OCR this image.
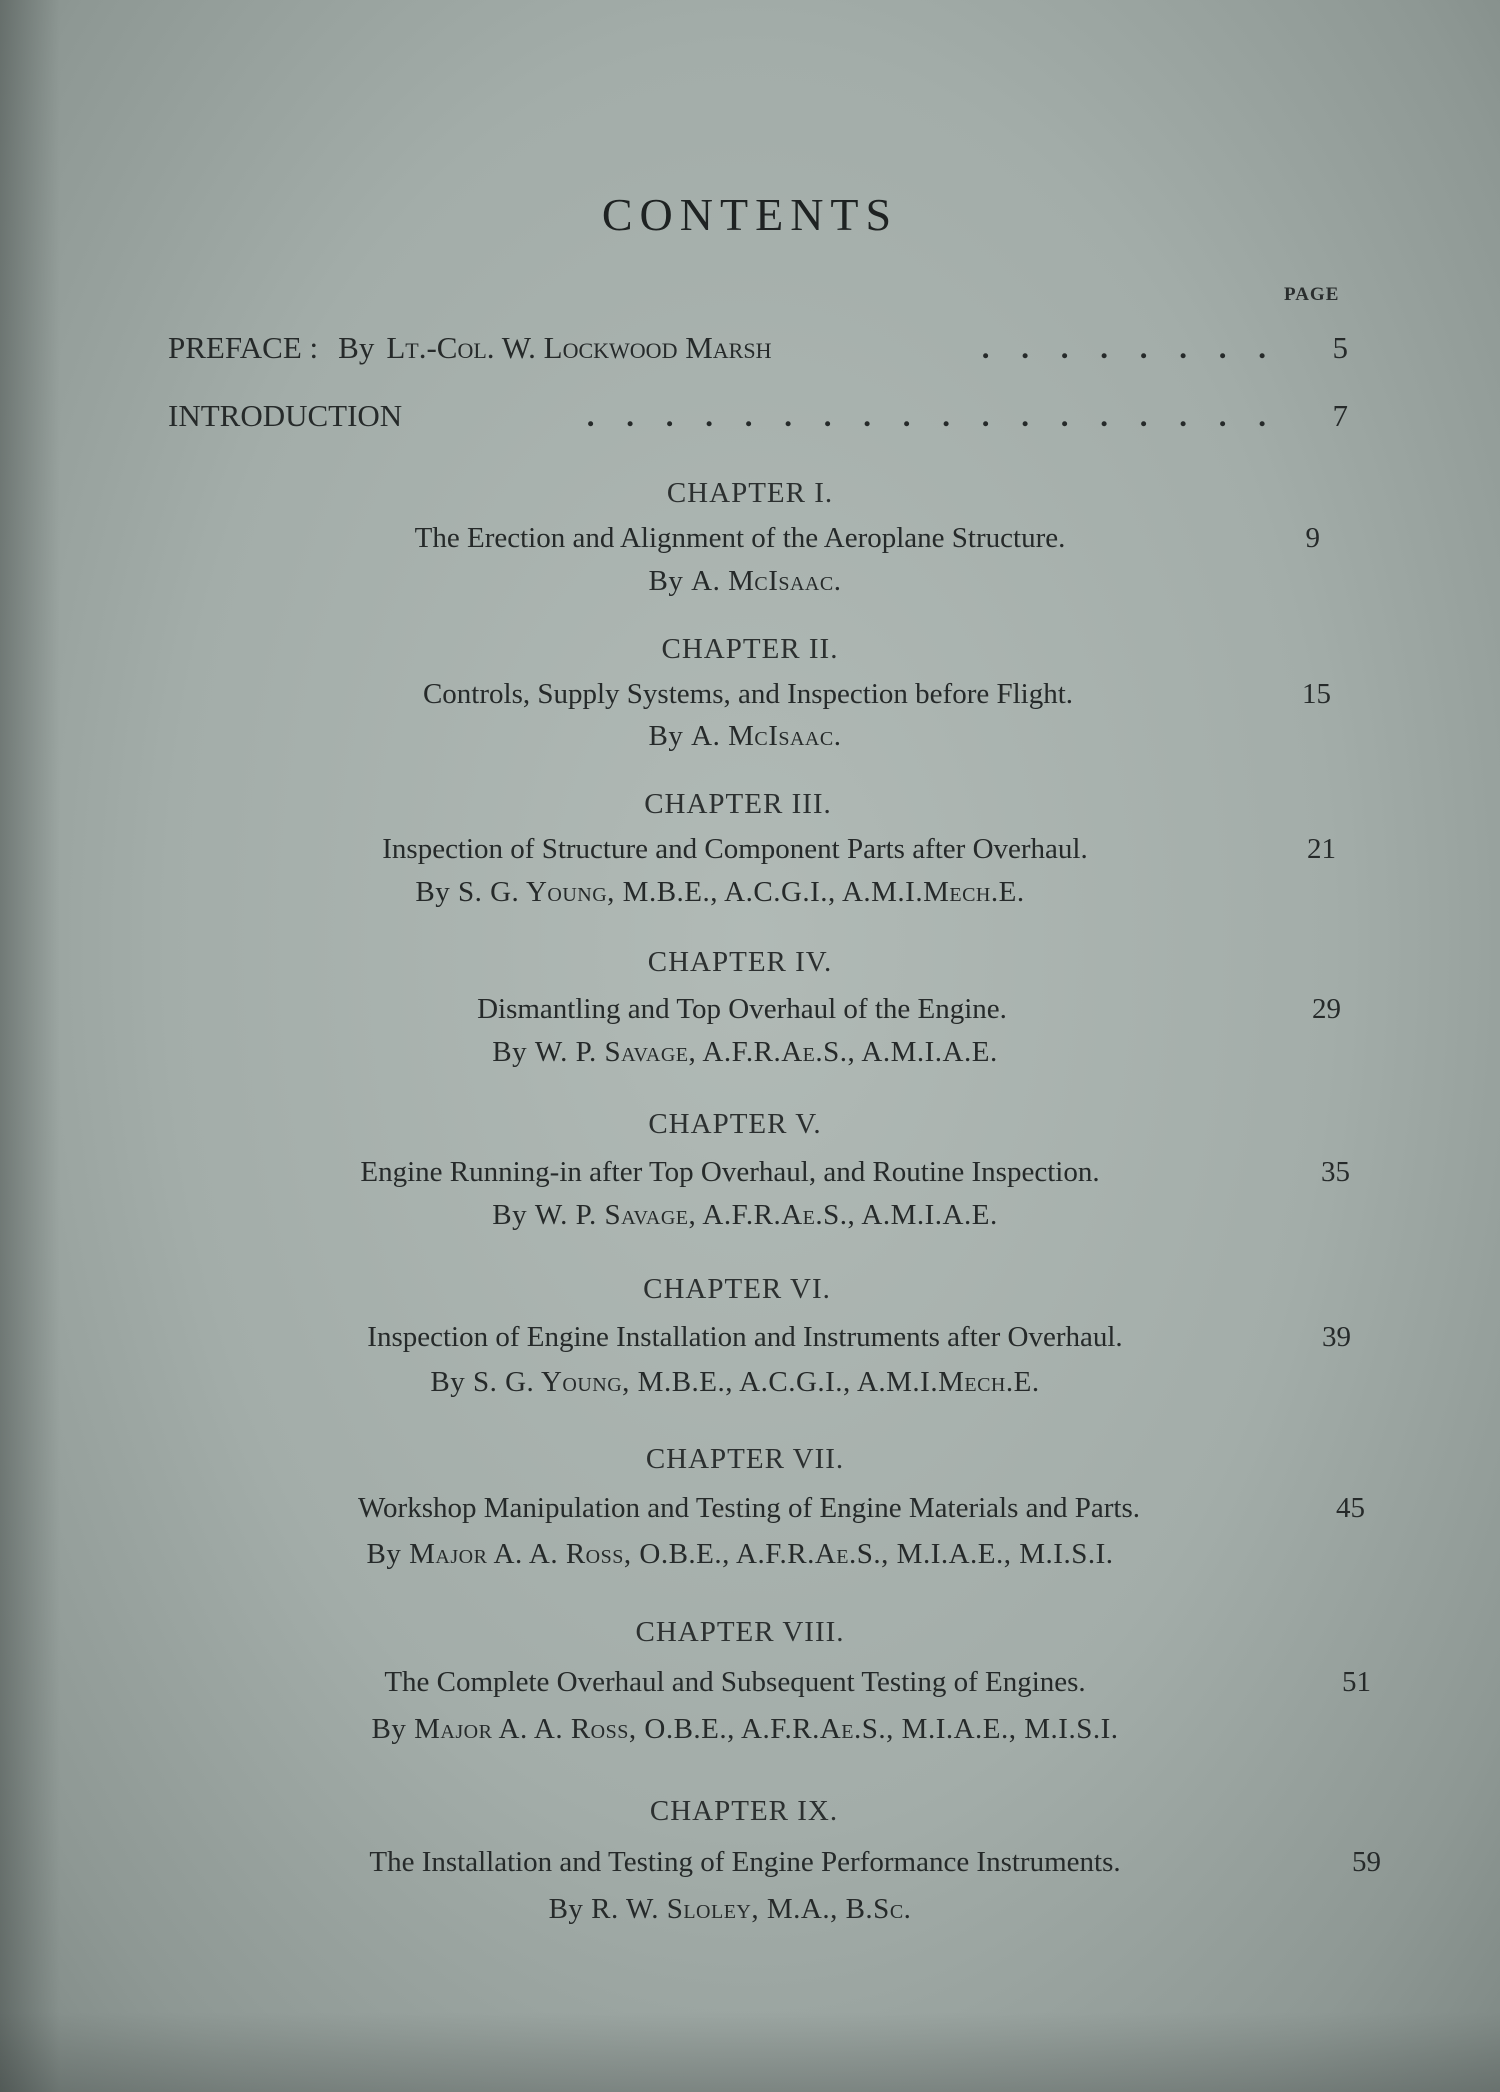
CONTENTS
PAGE
PREFACE : By Lt.-Col. W. Lockwood Marsh	. . . . . . . .	5
INTRODUCTION	. . . . . . . . . . . . . . . . . .	7
CHAPTER I.
The Erection and Alignment of the Aeroplane Structure.	9
By A. McIsaac.
CHAPTER II.
Controls, Supply Systems, and Inspection before Flight.	15
By A. McIsaac.
CHAPTER III.
Inspection of Structure and Component Parts after Overhaul.	21
By S. G. Young, M.B.E., A.C.G.I., A.M.I.Mech.E.
CHAPTER IV.
Dismantling and Top Overhaul of the Engine.	29
By W. P. Savage, A.F.R.Ae.S., A.M.I.A.E.
CHAPTER V.
Engine Running-in after Top Overhaul, and Routine Inspection.	35
By W. P. Savage, A.F.R.Ae.S., A.M.I.A.E.
CHAPTER VI.
Inspection of Engine Installation and Instruments after Overhaul.	39
By S. G. Young, M.B.E., A.C.G.I., A.M.I.Mech.E.
CHAPTER VII.
Workshop Manipulation and Testing of Engine Materials and Parts.	45
By Major A. A. Ross, O.B.E., A.F.R.Ae.S., M.I.A.E., M.I.S.I.
CHAPTER VIII.
The Complete Overhaul and Subsequent Testing of Engines.	51
By Major A. A. Ross, O.B.E., A.F.R.Ae.S., M.I.A.E., M.I.S.I.
CHAPTER IX.
The Installation and Testing of Engine Performance Instruments.	59
By R. W. Sloley, M.A., B.Sc.
